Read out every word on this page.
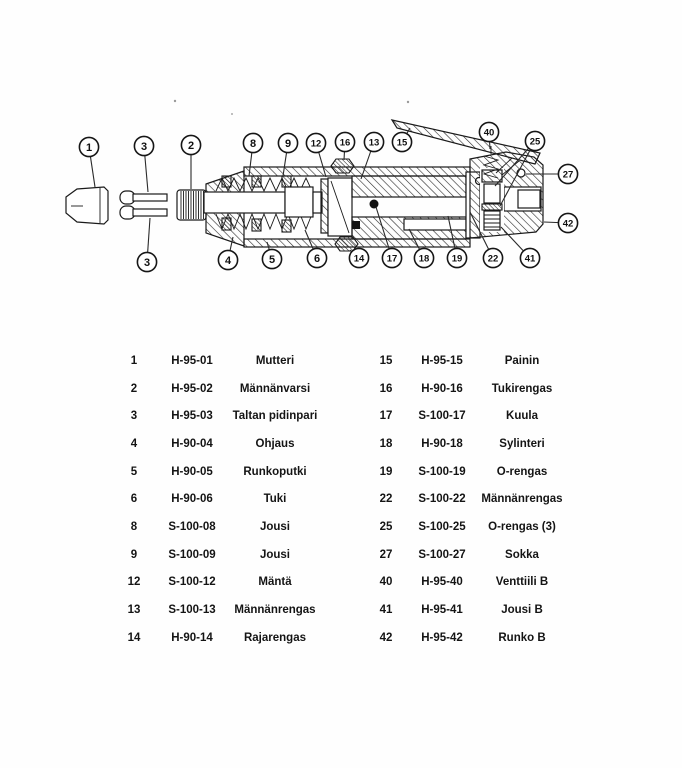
1	3	2	8	9 12 16 13 15
40
25
27
42
3	4	5	6	14 17 18 19	22	41
1	H-95-01	Mutteri
2	H-95-02	Männänvarsi
3	H-95-03	Taltan pidinpari
4	H-90-04	Ohjaus
5	H-90-05	Runkoputki
6	H-90-06	Tuki
8	S-100-08	Jousi
9	S-100-09	Jousi
12	S-100-12	Mäntä
13	S-100-13	Männänrengas
14	H-90-14	Rajarengas
15	H-95-15	Painin
16	H-90-16	Tukirengas
17	S-100-17	Kuula
18	H-90-18	Sylinteri
19	S-100-19	O-rengas
22	S-100-22	Männänrengas
25	S-100-25	O-rengas (3)
27	S-100-27	Sokka
40	H-95-40	Venttiili B
41	H-95-41	Jousi B
42	H-95-42	Runko B
